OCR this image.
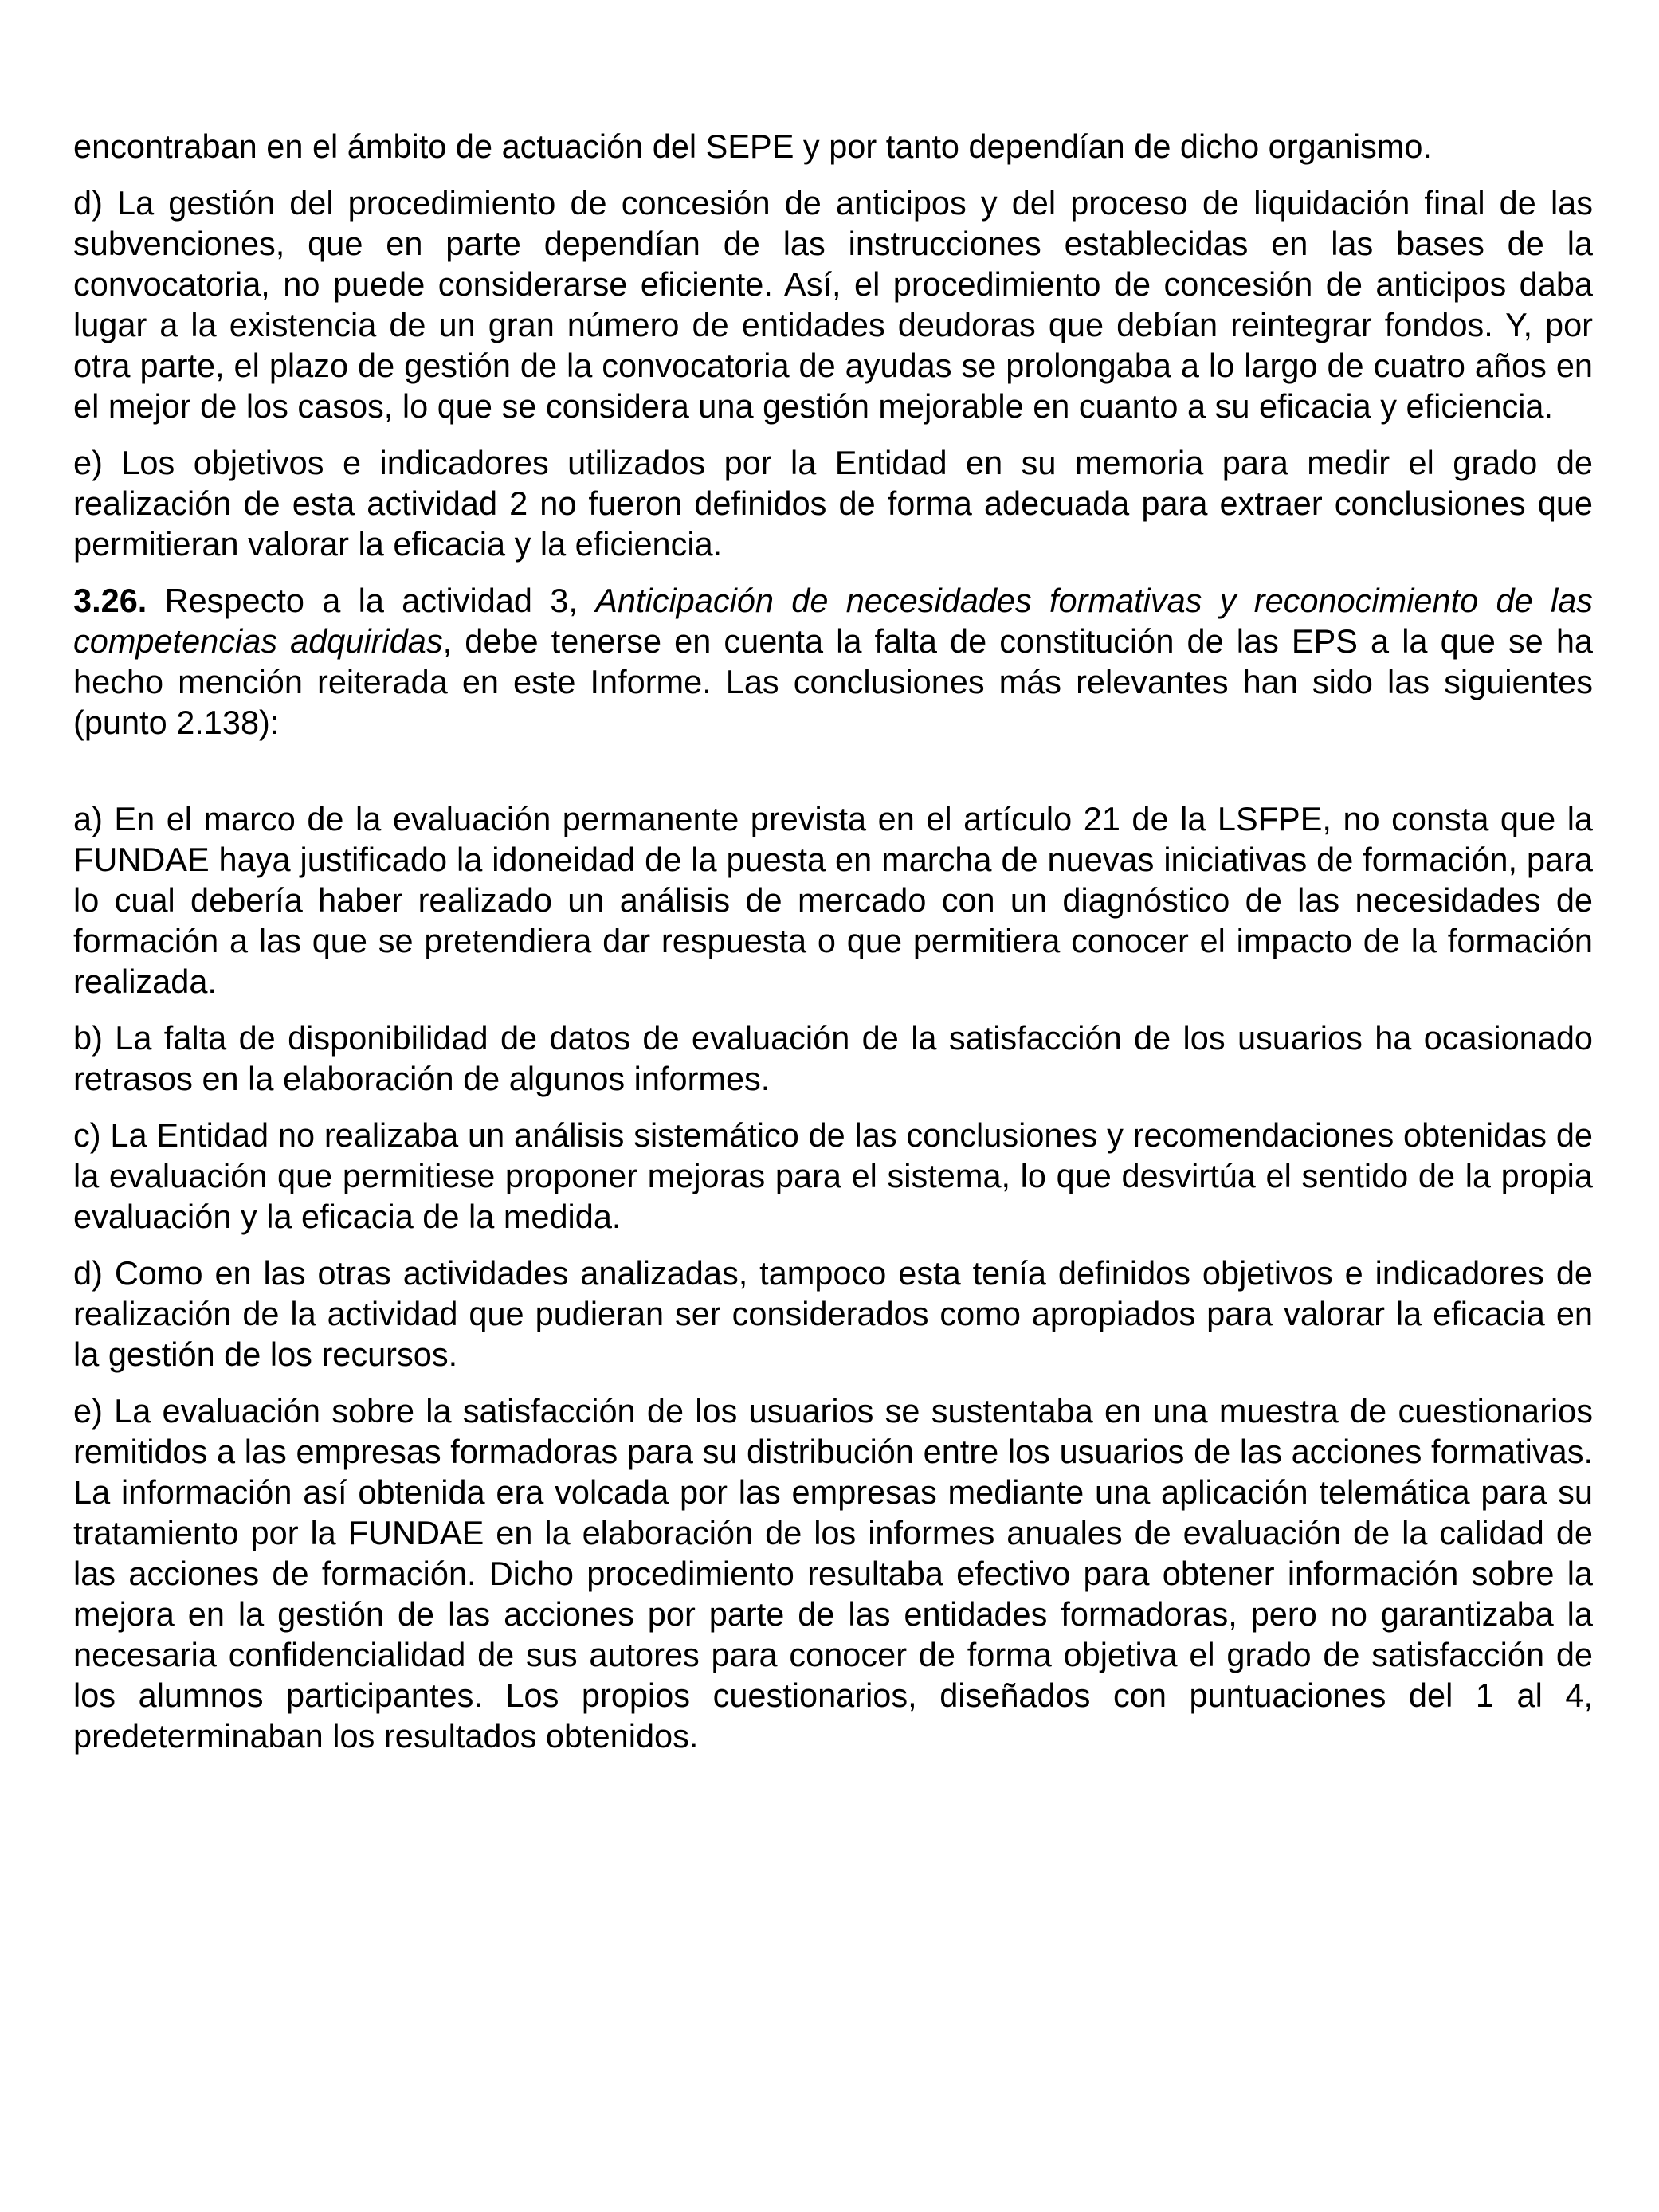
encontraban en el ámbito de actuación del SEPE y por tanto dependían de dicho organismo.

d) La gestión del procedimiento de concesión de anticipos y del proceso de liquidación final de las subvenciones, que en parte dependían de las instrucciones establecidas en las bases de la convocatoria, no puede considerarse eficiente. Así, el procedimiento de concesión de anticipos daba lugar a la existencia de un gran número de entidades deudoras que debían reintegrar fondos. Y, por otra parte, el plazo de gestión de la convocatoria de ayudas se prolongaba a lo largo de cuatro años en el mejor de los casos, lo que se considera una gestión mejorable en cuanto a su eficacia y eficiencia.

e) Los objetivos e indicadores utilizados por la Entidad en su memoria para medir el grado de realización de esta actividad 2 no fueron definidos de forma adecuada para extraer conclusiones que permitieran valorar la eficacia y la eficiencia.

3.26. Respecto a la actividad 3, Anticipación de necesidades formativas y reconocimiento de las competencias adquiridas, debe tenerse en cuenta la falta de constitución de las EPS a la que se ha hecho mención reiterada en este Informe. Las conclusiones más relevantes han sido las siguientes (punto 2.138):

a) En el marco de la evaluación permanente prevista en el artículo 21 de la LSFPE, no consta que la FUNDAE haya justificado la idoneidad de la puesta en marcha de nuevas iniciativas de formación, para lo cual debería haber realizado un análisis de mercado con un diagnóstico de las necesidades de formación a las que se pretendiera dar respuesta o que permitiera conocer el impacto de la formación realizada.

b) La falta de disponibilidad de datos de evaluación de la satisfacción de los usuarios ha ocasionado retrasos en la elaboración de algunos informes.

c) La Entidad no realizaba un análisis sistemático de las conclusiones y recomendaciones obtenidas de la evaluación que permitiese proponer mejoras para el sistema, lo que desvirtúa el sentido de la propia evaluación y la eficacia de la medida.

d) Como en las otras actividades analizadas, tampoco esta tenía definidos objetivos e indicadores de realización de la actividad que pudieran ser considerados como apropiados para valorar la eficacia en la gestión de los recursos.

e) La evaluación sobre la satisfacción de los usuarios se sustentaba en una muestra de cuestionarios remitidos a las empresas formadoras para su distribución entre los usuarios de las acciones formativas. La información así obtenida era volcada por las empresas mediante una aplicación telemática para su tratamiento por la FUNDAE en la elaboración de los informes anuales de evaluación de la calidad de las acciones de formación. Dicho procedimiento resultaba efectivo para obtener información sobre la mejora en la gestión de las acciones por parte de las entidades formadoras, pero no garantizaba la necesaria confidencialidad de sus autores para conocer de forma objetiva el grado de satisfacción de los alumnos participantes. Los propios cuestionarios, diseñados con puntuaciones del 1 al 4, predeterminaban los resultados obtenidos.
